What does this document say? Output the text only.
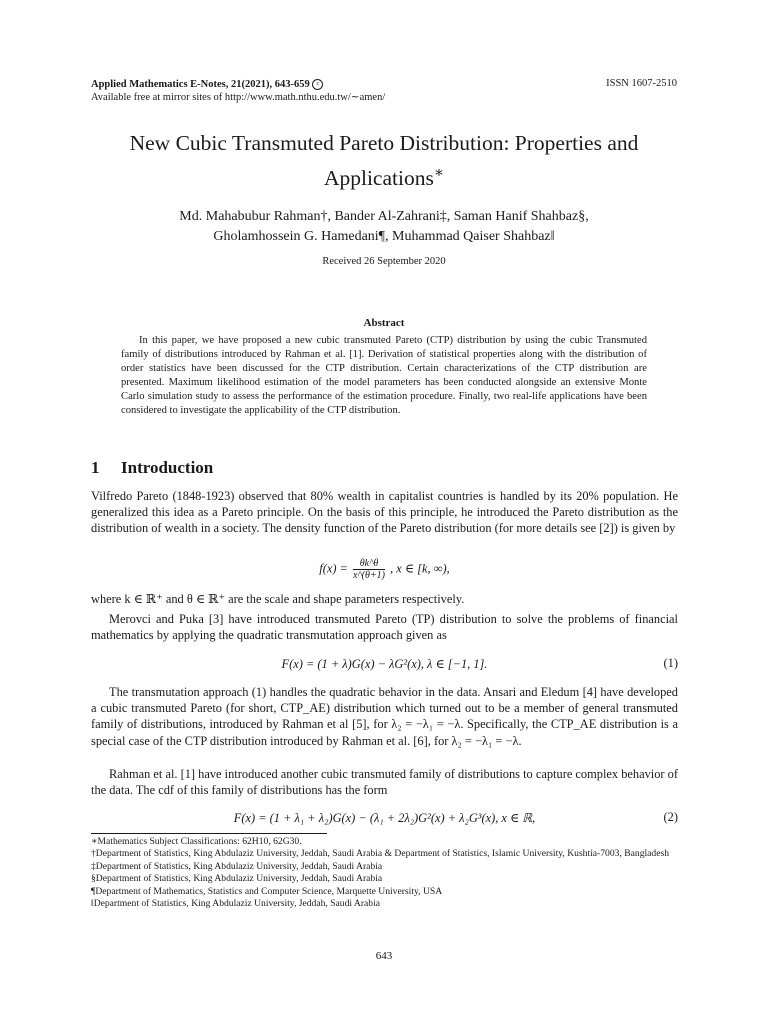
Applied Mathematics E-Notes, 21(2021), 643-659 c
Available free at mirror sites of http://www.math.nthu.edu.tw/∼amen/
ISSN 1607-2510
New Cubic Transmuted Pareto Distribution: Properties and
Applications∗
Md. Mahabubur Rahman†, Bander Al-Zahrani‡, Saman Hanif Shahbaz§,
Gholamhossein G. Hamedani¶, Muhammad Qaiser Shahbaz‖
Received 26 September 2020
Abstract

In this paper, we have proposed a new cubic transmuted Pareto (CTP) distribution by using the cubic Transmuted family of distributions introduced by Rahman et al. [1]. Derivation of statistical properties along with the distribution of order statistics have been discussed for the CTP distribution. Certain characterizations of the CTP distribution are presented. Maximum likelihood estimation of the model parameters has been conducted alongside an extensive Monte Carlo simulation study to assess the performance of the estimation procedure. Finally, two real-life applications have been considered to investigate the applicability of the CTP distribution.

1 Introduction

Vilfredo Pareto (1848-1923) observed that 80% wealth in capitalist countries is handled by its 20% population. He generalized this idea as a Pareto principle. On the basis of this principle, he introduced the Pareto distribution as the distribution of wealth in a society. The density function of the Pareto distribution (for more details see [2]) is given by

$f(x) = \frac{\theta k\^{}\theta}{x\^{}(\theta+1)}$ , x ∈ [k, ∞),

where k ∈ ℝ⁺ and θ ∈ ℝ⁺ are the scale and shape parameters respectively.

Merovci and Puka [3] have introduced transmuted Pareto (TP) distribution to solve the problems of financial mathematics by applying the quadratic transmutation approach given as

F(x) = (1 + λ)G(x) − λG²(x), λ ∈ [−1, 1].	(1)

The transmutation approach (1) handles the quadratic behavior in the data. Ansari and Eledum [4] have developed a cubic transmuted Pareto (for short, CTP_AE) distribution which turned out to be a member of general transmuted family of distributions, introduced by Rahman et al [5], for λ₂ = −λ₁ = −λ. Specifically, the CTP_AE distribution is a special case of the CTP distribution introduced by Rahman et al. [6], for λ₂ = −λ₁ = −λ.

Rahman et al. [1] have introduced another cubic transmuted family of distributions to capture complex behavior of the data. The cdf of this family of distributions has the form

F(x) = (1 + λ₁ + λ₂)G(x) − (λ₁ + 2λ₂)G²(x) + λ₂G³(x), x ∈ ℝ,	(2)
∗Mathematics Subject Classifications: 62H10, 62G30.
†Department of Statistics, King Abdulaziz University, Jeddah, Saudi Arabia & Department of Statistics, Islamic University, Kushtia-7003, Bangladesh
‡Department of Statistics, King Abdulaziz University, Jeddah, Saudi Arabia
§Department of Statistics, King Abdulaziz University, Jeddah, Saudi Arabia
¶Department of Mathematics, Statistics and Computer Science, Marquette University, USA
‖Department of Statistics, King Abdulaziz University, Jeddah, Saudi Arabia
643
